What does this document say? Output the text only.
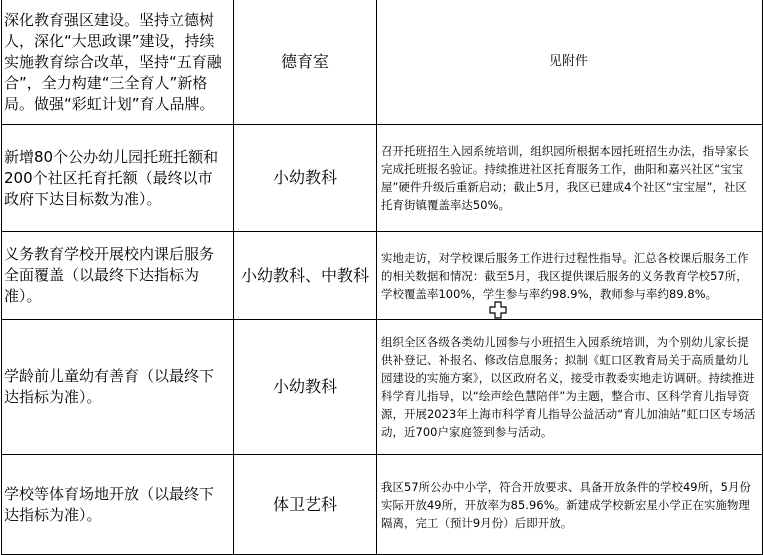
深化教育强区建设。坚持立德树人，深化“大思政课”建设，持续实施教育综合改革，坚持“五育融合”，全力构建“三全育人”新格局。做强“彩虹计划”育人品牌。	德育室	见附件
新增80个公办幼儿园托班托额和200个社区托育托额（最终以市政府下达目标数为准）。	小幼教科	召开托班招生入园系统培训，组织园所根据本园托班招生办法，指导家长完成托班报名验证。持续推进社区托育服务工作，曲阳和嘉兴社区“宝宝屋”硬件升级后重新启动；截止5月，我区已建成4个社区“宝宝屋”，社区托育街镇覆盖率达50%。
义务教育学校开展校内课后服务全面覆盖（以最终下达指标为准）。	小幼教科、中教科	实地走访，对学校课后服务工作进行过程性指导。汇总各校课后服务工作的相关数据和情况：截至5月，我区提供课后服务的义务教育学校57所，学校覆盖率100%，学生参与率约98.9%，教师参与率约89.8%。
学龄前儿童幼有善育（以最终下达指标为准）。	小幼教科	组织全区各级各类幼儿园参与小班招生入园系统培训，为个别幼儿家长提供补登记、补报名、修改信息服务；拟制《虹口区教育局关于高质量幼儿园建设的实施方案》，以区政府名义，接受市教委实地走访调研。持续推进科学育儿指导，以“绘声绘色慧陪伴”为主题，整合市、区科学育儿指导资源，开展2023年上海市科学育儿指导公益活动“育儿加油站”虹口区专场活动，近700户家庭签到参与活动。
学校等体育场地开放（以最终下达指标为准）。	体卫艺科	我区57所公办中小学，符合开放要求、具备开放条件的学校49所，5月份实际开放49所，开放率为85.96%。新建成学校新宏星小学正在实施物理隔离，完工（预计9月份）后即开放。
